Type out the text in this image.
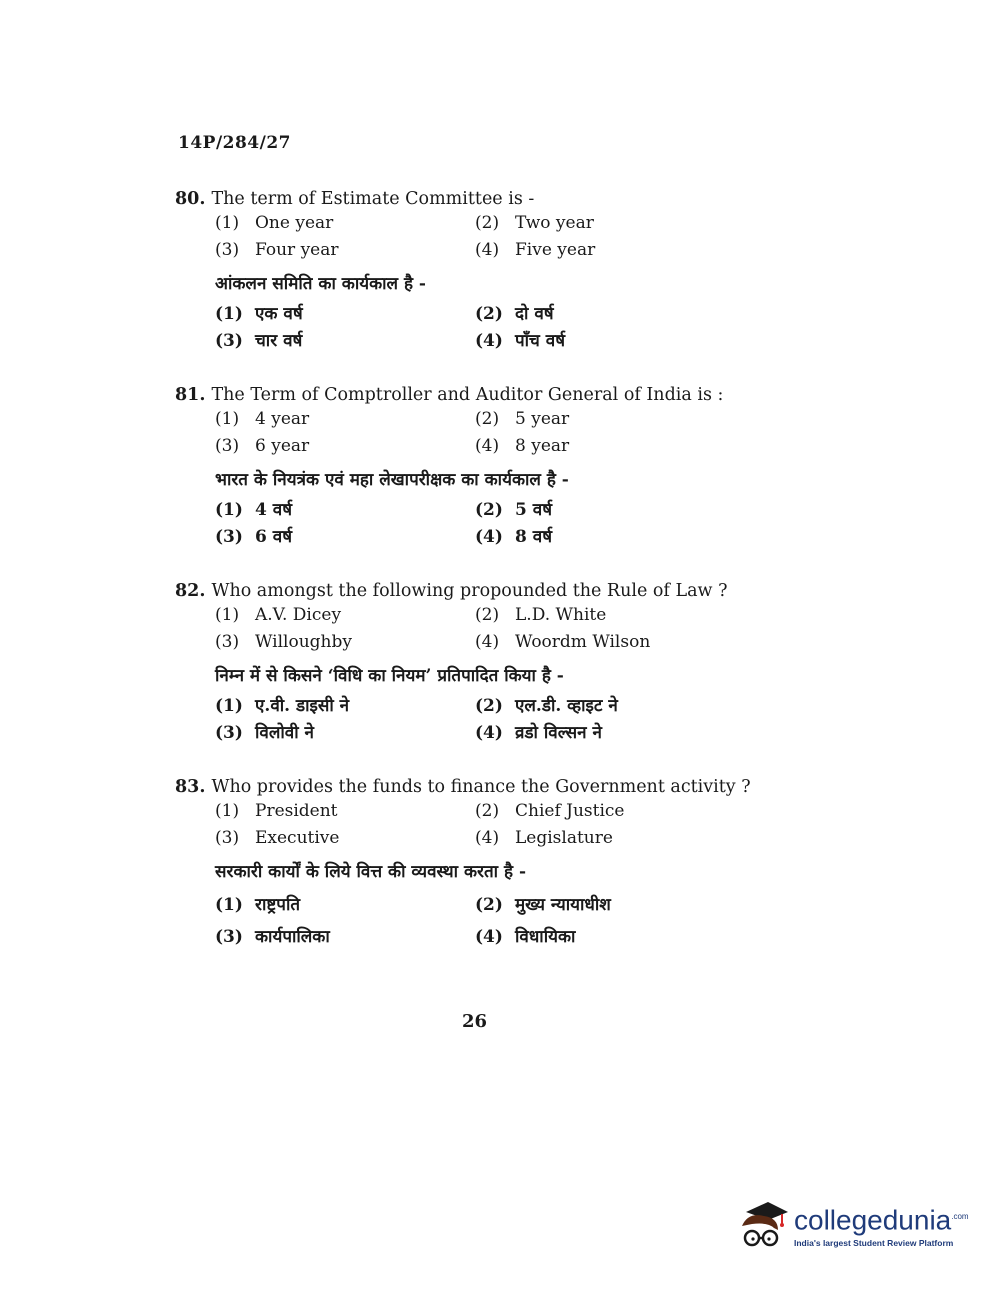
14P/284/27
80. The term of Estimate Committee is -
(1) One year	(2) Two year
(3) Four year	(4) Five year
आंकलन समिति का कार्यकाल है -
(1) एक वर्ष	(2) दो वर्ष
(3) चार वर्ष	(4) पाँच वर्ष
81. The Term of Comptroller and Auditor General of India is :
(1) 4 year	(2) 5 year
(3) 6 year	(4) 8 year
भारत के नियत्रंक एवं महा लेखापरीक्षक का कार्यकाल है -
(1) 4 वर्ष	(2) 5 वर्ष
(3) 6 वर्ष	(4) 8 वर्ष
82. Who amongst the following propounded the Rule of Law ?
(1) A.V. Dicey	(2) L.D. White
(3) Willoughby	(4) Woordm Wilson
निम्न में से किसने ‘विधि का नियम’ प्रतिपादित किया है -
(1) ए.वी. डाइसी ने	(2) एल.डी. व्हाइट ने
(3) विलोवी ने	(4) व्रडो विल्सन ने
83. Who provides the funds to finance the Government activity ?
(1) President	(2) Chief Justice
(3) Executive	(4) Legislature
सरकारी कार्यों के लिये वित्त की व्यवस्था करता है -
(1) राष्ट्रपति	(2) मुख्य न्यायाधीश
(3) कार्यपालिका	(4) विधायिका
26
collegedunia$^{.com}$
India's largest Student Review Platform
